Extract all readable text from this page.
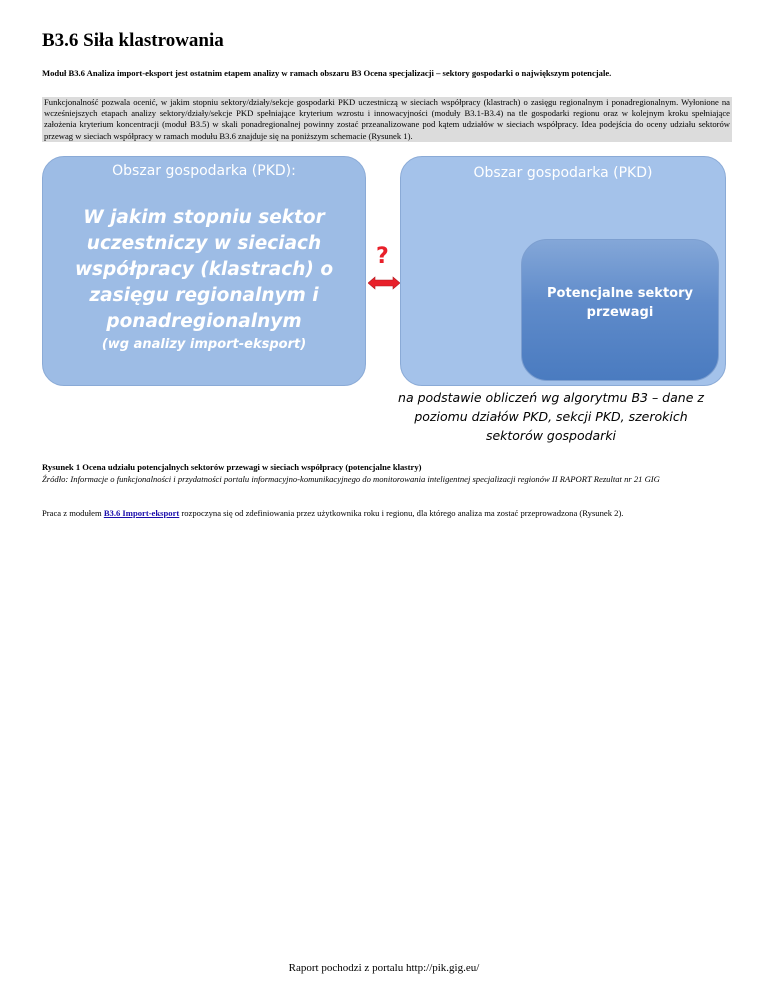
B3.6 Siła klastrowania
Moduł B3.6 Analiza import-eksport jest ostatnim etapem analizy w ramach obszaru B3 Ocena specjalizacji – sektory gospodarki o największym potencjale.
Funkcjonalność pozwala ocenić, w jakim stopniu sektory/działy/sekcje gospodarki PKD uczestniczą w sieciach współpracy (klastrach) o zasięgu regionalnym i ponadregionalnym. Wyłonione na wcześniejszych etapach analizy sektory/działy/sekcje PKD spełniające kryterium wzrostu i innowacyjności (moduły B3.1-B3.4) na tle gospodarki regionu oraz w kolejnym kroku spełniające założenia kryterium koncentracji (moduł B3.5) w skali ponadregionalnej powinny zostać przeanalizowane pod kątem udziałów w sieciach współpracy. Idea podejścia do oceny udziału sektorów przewag w sieciach współpracy w ramach modułu B3.6 znajduje się na poniższym schemacie (Rysunek 1).
Obszar gospodarka (PKD):
W jakim stopniu sektor uczestniczy w sieciach współpracy (klastrach) o zasięgu regionalnym i ponadregionalnym
(wg analizy import-eksport)
?
Obszar gospodarka (PKD)
Potencjalne sektory przewagi
na podstawie obliczeń wg algorytmu B3 – dane z poziomu działów PKD, sekcji PKD, szerokich sektorów gospodarki
Rysunek 1 Ocena udziału potencjalnych sektorów przewagi w sieciach współpracy (potencjalne klastry)
Źródło: Informacje o funkcjonalności i przydatności portalu informacyjno-komunikacyjnego do monitorowania inteligentnej specjalizacji regionów II RAPORT Rezultat nr 21 GIG
Praca z modułem B3.6 Import-eksport rozpoczyna się od zdefiniowania przez użytkownika roku i regionu, dla którego analiza ma zostać przeprowadzona (Rysunek 2).
Raport pochodzi z portalu http://pik.gig.eu/
